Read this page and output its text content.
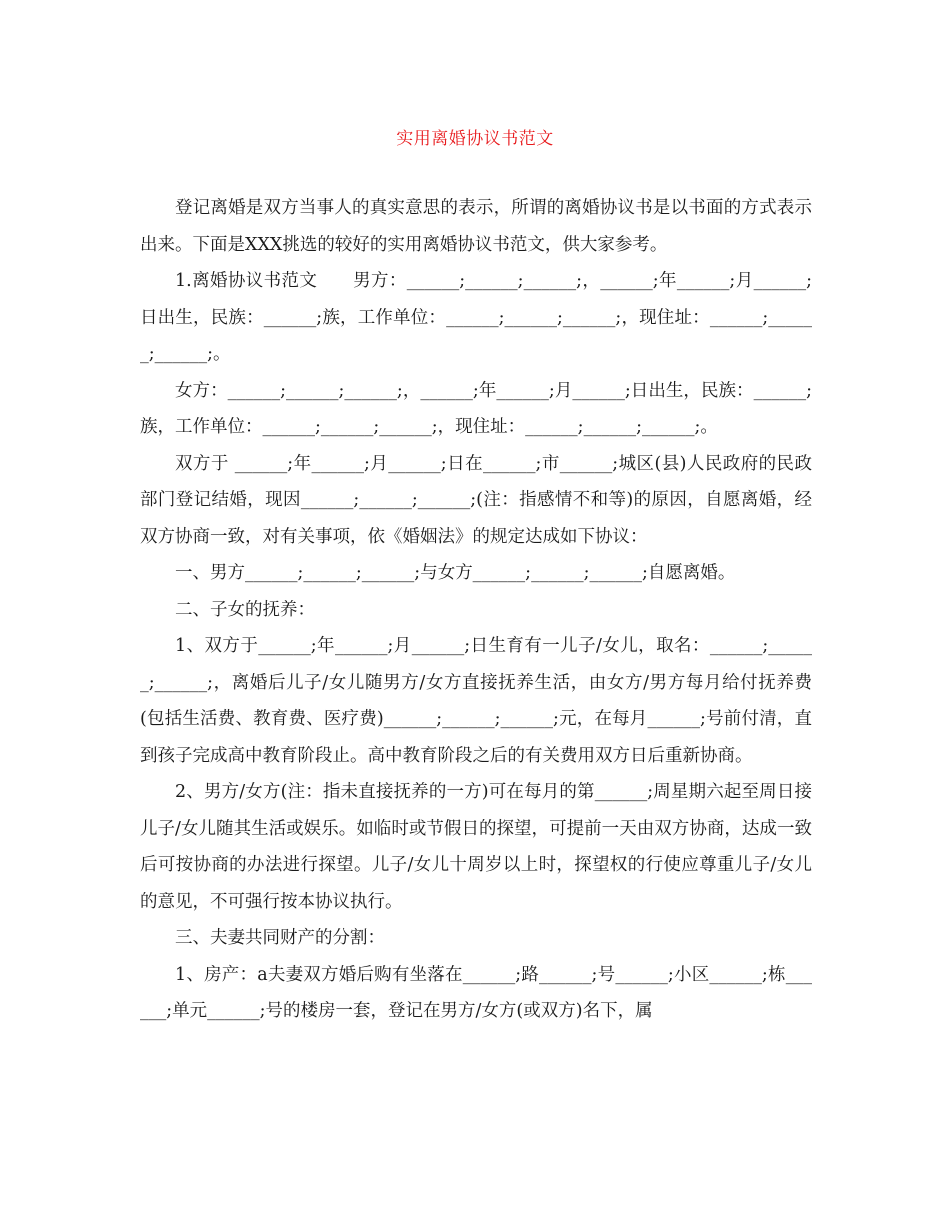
实用离婚协议书范文

登记离婚是双方当事人的真实意思的表示，所谓的离婚协议书是以书面的方式表示出来。下面是XXX挑选的较好的实用离婚协议书范文，供大家参考。

1.离婚协议书范文　　男方：______;______;______;，______;年______;月______;日出生，民族：______;族，工作单位：______;______;______;，现住址：______;______;______;。

女方：______;______;______;，______;年______;月______;日出生，民族：______;族，工作单位：______;______;______;，现住址：______;______;______;。

双方于 ______;年______;月______;日在______;市______;城区(县)人民政府的民政部门登记结婚，现因______;______;______;(注：指感情不和等)的原因，自愿离婚，经双方协商一致，对有关事项，依《婚姻法》的规定达成如下协议：

一、男方______;______;______;与女方______;______;______;自愿离婚。

二、子女的抚养：

1、双方于______;年______;月______;日生育有一儿子/女儿，取名：______;______;______;，离婚后儿子/女儿随男方/女方直接抚养生活，由女方/男方每月给付抚养费(包括生活费、教育费、医疗费)______;______;______;元，在每月______;号前付清，直到孩子完成高中教育阶段止。高中教育阶段之后的有关费用双方日后重新协商。

2、男方/女方(注：指未直接抚养的一方)可在每月的第______;周星期六起至周日接儿子/女儿随其生活或娱乐。如临时或节假日的探望，可提前一天由双方协商，达成一致后可按协商的办法进行探望。儿子/女儿十周岁以上时，探望权的行使应尊重儿子/女儿的意见，不可强行按本协议执行。

三、夫妻共同财产的分割：

1、房产：a夫妻双方婚后购有坐落在______;路______;号______;小区______;栋______;单元______;号的楼房一套，登记在男方/女方(或双方)名下，属
